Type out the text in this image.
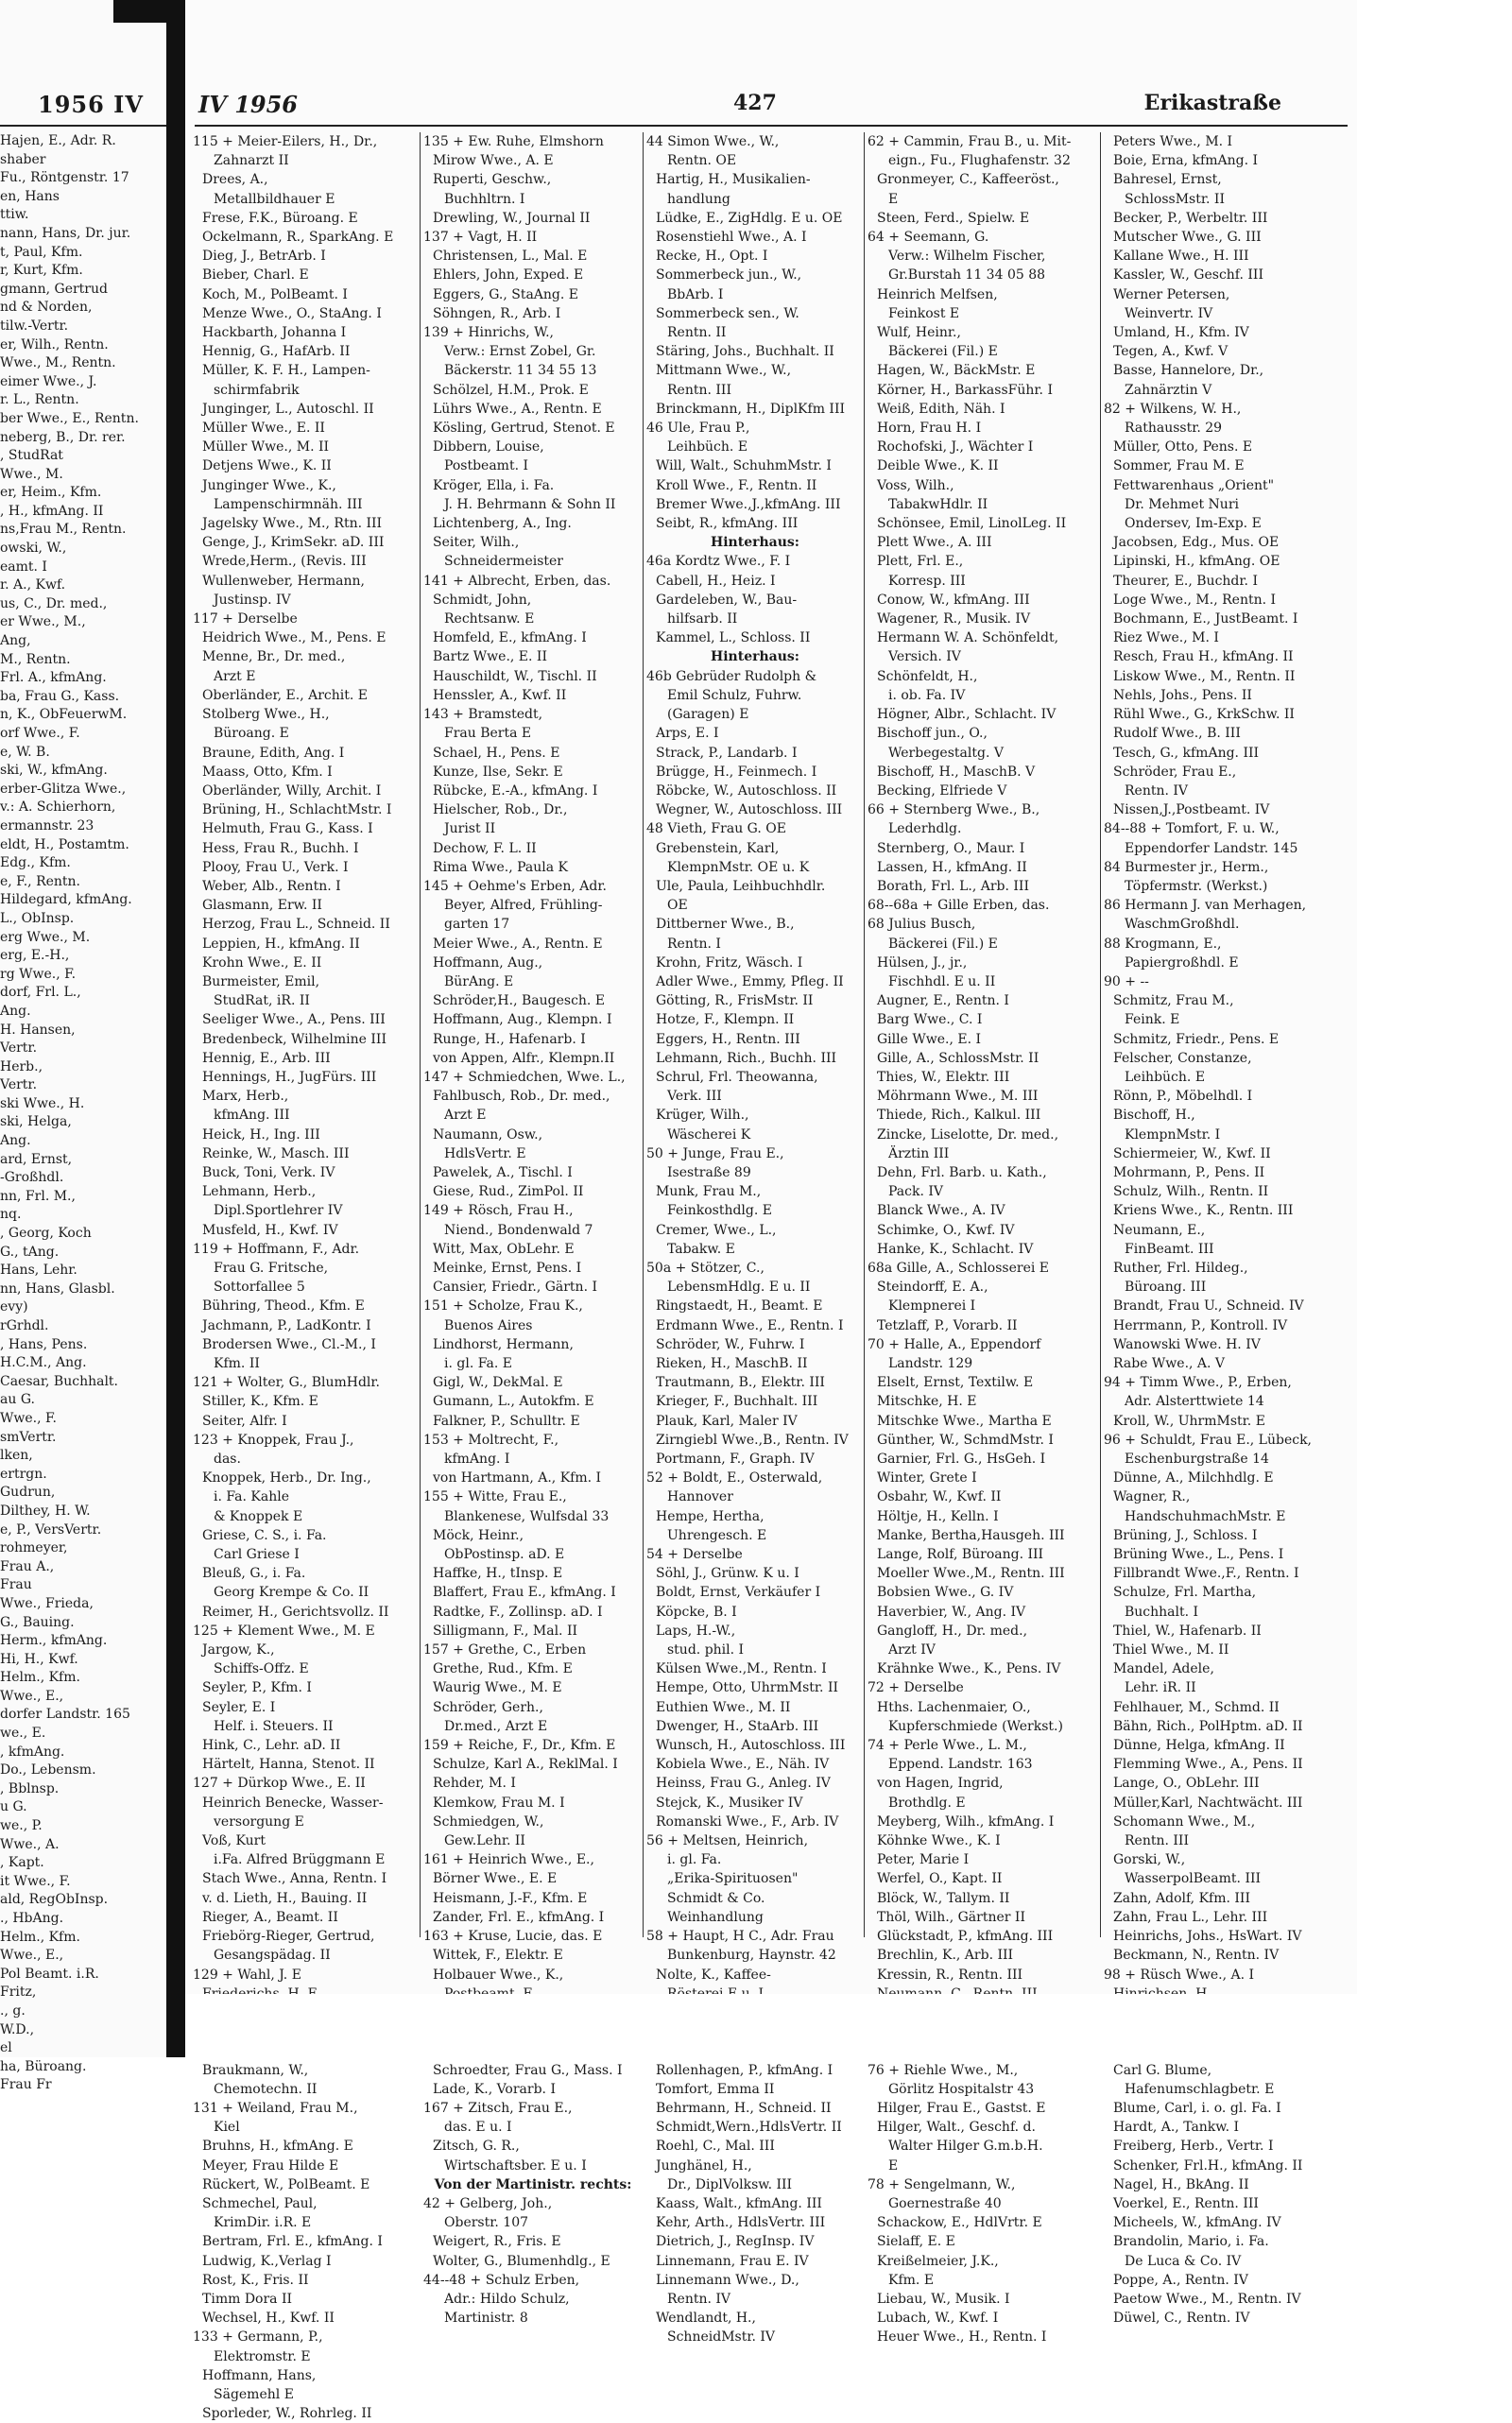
1956 IV
Hajen, E., Adr. R.
shaber
Fu., Röntgenstr. 17
en, Hans
ttiw.
nann, Hans, Dr. jur.
t, Paul, Kfm.
r, Kurt, Kfm.
gmann, Gertrud
nd & Norden,
tilw.-Vertr.
er, Wilh., Rentn.
Wwe., M., Rentn.
eimer Wwe., J.
r. L., Rentn.
ber Wwe., E., Rentn.
neberg, B., Dr. rer.
, StudRat
Wwe., M.
er, Heim., Kfm.
, H., kfmAng. II
ns,Frau M., Rentn.
owski, W.,
eamt. I
r. A., Kwf.
us, C., Dr. med.,
er Wwe., M.,
Ang,
M., Rentn.
Frl. A., kfmAng.
ba, Frau G., Kass.
n, K., ObFeuerwM.
orf Wwe., F.
e, W. B.
ski, W., kfmAng.
erber-Glitza Wwe.,
v.: A. Schierhorn,
ermannstr. 23
eldt, H., Postamtm.
Edg., Kfm.
e, F., Rentn.
Hildegard, kfmAng.
L., ObInsp.
erg Wwe., M.
erg, E.-H.,
rg Wwe., F.
dorf, Frl. L.,
Ang.
H. Hansen,
Vertr.
Herb.,
Vertr.
ski Wwe., H.
ski, Helga,
Ang.
ard, Ernst,
-Großhdl.
nn, Frl. M.,
nq.
, Georg, Koch
G., tAng.
Hans, Lehr.
nn, Hans, Glasbl.
evy)
rGrhdl.
, Hans, Pens.
H.C.M., Ang.
Caesar, Buchhalt.
au G.
Wwe., F.
smVertr.
lken,
ertrgn.
Gudrun,
Dilthey, H. W.
e, P., VersVertr.
rohmeyer,
Frau A.,
Frau
Wwe., Frieda,
G., Bauing.
Herm., kfmAng.
Hi, H., Kwf.
Helm., Kfm.
Wwe., E.,
dorfer Landstr. 165
we., E.
, kfmAng.
Do., Lebensm.
, Bblnsp.
u G.
we., P.
Wwe., A.
, Kapt.
it Wwe., F.
ald, RegObInsp.
., HbAng.
Helm., Kfm.
Wwe., E.,
Pol Beamt. i.R.
Fritz,
., g.
W.D.,
el
ha, Büroang.
Frau Fr
IV 1956	427	Erikastraße
115 + Meier-Eilers, H., Dr.,
Zahnarzt II
Drees, A.,
Metallbildhauer E
Frese, F.K., Büroang. E
Ockelmann, R., SparkAng. E
Dieg, J., BetrArb. I
Bieber, Charl. E
Koch, M., PolBeamt. I
Menze Wwe., O., StaAng. I
Hackbarth, Johanna I
Hennig, G., HafArb. II
Müller, K. F. H., Lampen-
schirmfabrik
Junginger, L., Autoschl. II
Müller Wwe., E. II
Müller Wwe., M. II
Detjens Wwe., K. II
Junginger Wwe., K.,
Lampenschirmnäh. III
Jagelsky Wwe., M., Rtn. III
Genge, J., KrimSekr. aD. III
Wrede,Herm., (Revis. III
Wullenweber, Hermann,
Justinsp. IV
117 + Derselbe
Heidrich Wwe., M., Pens. E
Menne, Br., Dr. med.,
Arzt E
Oberländer, E., Archit. E
Stolberg Wwe., H.,
Büroang. E
Braune, Edith, Ang. I
Maass, Otto, Kfm. I
Oberländer, Willy, Archit. I
Brüning, H., SchlachtMstr. I
Helmuth, Frau G., Kass. I
Hess, Frau R., Buchh. I
Plooy, Frau U., Verk. I
Weber, Alb., Rentn. I
Glasmann, Erw. II
Herzog, Frau L., Schneid. II
Leppien, H., kfmAng. II
Krohn Wwe., E. II
Burmeister, Emil,
StudRat, iR. II
Seeliger Wwe., A., Pens. III
Bredenbeck, Wilhelmine III
Hennig, E., Arb. III
Hennings, H., JugFürs. III
Marx, Herb.,
kfmAng. III
Heick, H., Ing. III
Reinke, W., Masch. III
Buck, Toni, Verk. IV
Lehmann, Herb.,
Dipl.Sportlehrer IV
Musfeld, H., Kwf. IV
119 + Hoffmann, F., Adr.
Frau G. Fritsche,
Sottorfallee 5
Bühring, Theod., Kfm. E
Jachmann, P., LadKontr. I
Brodersen Wwe., Cl.-M., I
Kfm. II
121 + Wolter, G., BlumHdlr.
Stiller, K., Kfm. E
Seiter, Alfr. I
123 + Knoppek, Frau J.,
das.
Knoppek, Herb., Dr. Ing.,
i. Fa. Kahle
& Knoppek E
Griese, C. S., i. Fa.
Carl Griese I
Bleuß, G., i. Fa.
Georg Krempe & Co. II
Reimer, H., Gerichtsvollz. II
125 + Klement Wwe., M. E
Jargow, K.,
Schiffs-Offz. E
Seyler, P., Kfm. I
Seyler, E. I
Helf. i. Steuers. II
Hink, C., Lehr. aD. II
Härtelt, Hanna, Stenot. II
127 + Dürkop Wwe., E. II
Heinrich Benecke, Wasser-
versorgung E
Voß, Kurt
i.Fa. Alfred Brüggmann E
Stach Wwe., Anna, Rentn. I
v. d. Lieth, H., Bauing. II
Rieger, A., Beamt. II
Friebörg-Rieger, Gertrud,
Gesangspädag. II
129 + Wahl, J. E
Braukmann, W.,
Chemotechn. II
131 + Weiland, Frau M.,
Kiel
Bruhns, H., kfmAng. E
Meyer, Frau Hilde E
Rückert, W., PolBeamt. E
Schmechel, Paul,
KrimDir. i.R. E
Bertram, Frl. E., kfmAng. I
Ludwig, K.,Verlag I
Rost, K., Fris. II
Timm Dora II
Wechsel, H., Kwf. II
133 + Germann, P.,
Elektromstr. E
Hoffmann, Hans,
Sägemehl E
Sporleder, W., Rohrleg. II
135 + Ew. Ruhe, Elmshorn
Mirow Wwe., A. E
Ruperti, Geschw.,
Buchhltrn. I
Drewling, W., Journal II
137 + Vagt, H. II
Christensen, L., Mal. E
Ehlers, John, Exped. E
Eggers, G., StaAng. E
Söhngen, R., Arb. I
139 + Hinrichs, W.,
Verw.: Ernst Zobel, Gr.
Bäckerstr. 11 34 55 13
Schölzel, H.M., Prok. E
Lührs Wwe., A., Rentn. E
Kösling, Gertrud, Stenot. E
Dibbern, Louise,
Postbeamt. I
Kröger, Ella, i. Fa.
J. H. Behrmann & Sohn II
Lichtenberg, A., Ing.
Seiter, Wilh.,
Schneidermeister
141 + Albrecht, Erben, das.
Schmidt, John,
Rechtsanw. E
Homfeld, E., kfmAng. I
Bartz Wwe., E. II
Hauschildt, W., Tischl. II
Henssler, A., Kwf. II
143 + Bramstedt,
Frau Berta E
Schael, H., Pens. E
Kunze, Ilse, Sekr. E
Rübcke, E.-A., kfmAng. I
Hielscher, Rob., Dr.,
Jurist II
Dechow, F. L. II
Rima Wwe., Paula K
145 + Oehme's Erben, Adr.
Beyer, Alfred, Frühling-
garten 17
Meier Wwe., A., Rentn. E
Hoffmann, Aug.,
BürAng. E
Schröder,H., Baugesch. E
Hoffmann, Aug., Klempn. I
Runge, H., Hafenarb. I
von Appen, Alfr., Klempn.II
147 + Schmiedchen, Wwe. L.,
Fahlbusch, Rob., Dr. med.,
Arzt E
Naumann, Osw.,
HdlsVertr. E
Pawelek, A., Tischl. I
Giese, Rud., ZimPol. II
149 + Rösch, Frau H.,
Niend., Bondenwald 7
Witt, Max, ObLehr. E
Meinke, Ernst, Pens. I
Cansier, Friedr., Gärtn. I
151 + Scholze, Frau K.,
Buenos Aires
Lindhorst, Hermann,
i. gl. Fa. E
Gigl, W., DekMal. E
Gumann, L., Autokfm. E
Falkner, P., Schulltr. E
153 + Moltrecht, F.,
kfmAng. I
von Hartmann, A., Kfm. I
155 + Witte, Frau E.,
Blankenese, Wulfsdal 33
Möck, Heinr.,
ObPostinsp. aD. E
Haffke, H., tInsp. E
Blaffert, Frau E., kfmAng. I
Radtke, F., Zollinsp. aD. I
Silligmann, F., Mal. II
157 + Grethe, C., Erben
Grethe, Rud., Kfm. E
Waurig Wwe., M. E
Schröder, Gerh.,
Dr.med., Arzt E
159 + Reiche, F., Dr., Kfm. E
Schulze, Karl A., ReklMal. I
Rehder, M. I
Klemkow, Frau M. I
Schmiedgen, W.,
Gew.Lehr. II
161 + Heinrich Wwe., E.,
Börner Wwe., E. E
Heismann, J.-F., Kfm. E
Zander, Frl. E., kfmAng. I
163 + Kruse, Lucie, das. E
Wittek, F., Elektr. E
Holbauer Wwe., K.,
Schroedter, Frau G., Mass. I
Lade, K., Vorarb. I
167 + Zitsch, Frau E.,
das. E u. I
Zitsch, G. R.,
Wirtschaftsber. E u. I
Von der Martinistr. rechts:
42 + Gelberg, Joh.,
Oberstr. 107
Weigert, R., Fris. E
Wolter, G., Blumenhdlg., E
44--48 + Schulz Erben,
Adr.: Hildo Schulz,
Martinistr. 8
44 Simon Wwe., W.,
Rentn. OE
Hartig, H., Musikalien-
handlung
Lüdke, E., ZigHdlg. E u. OE
Rosenstiehl Wwe., A. I
Recke, H., Opt. I
Sommerbeck jun., W.,
BbArb. I
Sommerbeck sen., W.
Rentn. II
Stäring, Johs., Buchhalt. II
Mittmann Wwe., W.,
Rentn. III
Brinckmann, H., DiplKfm III
46 Ule, Frau P.,
Leihbüch. E
Will, Walt., SchuhmMstr. I
Kroll Wwe., F., Rentn. II
Bremer Wwe.,J.,kfmAng. III
Seibt, R., kfmAng. III
Hinterhaus:
46a Kordtz Wwe., F. I
Cabell, H., Heiz. I
Gardeleben, W., Bau-
hilfsarb. II
Kammel, L., Schloss. II
Hinterhaus:
46b Gebrüder Rudolph &
Emil Schulz, Fuhrw.
(Garagen) E
Arps, E. I
Strack, P., Landarb. I
Brügge, H., Feinmech. I
Röbcke, W., Autoschloss. II
Wegner, W., Autoschloss. III
48 Vieth, Frau G. OE
Grebenstein, Karl,
KlempnMstr. OE u. K
Ule, Paula, Leihbuchhdlr.
OE
Dittberner Wwe., B.,
Rentn. I
Krohn, Fritz, Wäsch. I
Adler Wwe., Emmy, Pfleg. II
Götting, R., FrisMstr. II
Hotze, F., Klempn. II
Eggers, H., Rentn. III
Lehmann, Rich., Buchh. III
Schrul, Frl. Theowanna,
Verk. III
Krüger, Wilh.,
Wäscherei K
50 + Junge, Frau E.,
Isestraße 89
Munk, Frau M.,
Feinkosthdlg. E
Cremer, Wwe., L.,
Tabakw. E
50a + Stötzer, C.,
LebensmHdlg. E u. II
Ringstaedt, H., Beamt. E
Erdmann Wwe., E., Rentn. I
Schröder, W., Fuhrw. I
Rieken, H., MaschB. II
Trautmann, B., Elektr. III
Krieger, F., Buchhalt. III
Plauk, Karl, Maler IV
Zirngiebl Wwe.,B., Rentn. IV
Portmann, F., Graph. IV
52 + Boldt, E., Osterwald,
Hannover
Hempe, Hertha,
Uhrengesch. E
54 + Derselbe
Söhl, J., Grünw. K u. I
Boldt, Ernst, Verkäufer I
Köpcke, B. I
Laps, H.-W.,
stud. phil. I
Külsen Wwe.,M., Rentn. I
Hempe, Otto, UhrmMstr. II
Euthien Wwe., M. II
Dwenger, H., StaArb. III
Wunsch, H., Autoschloss. III
Kobiela Wwe., E., Näh. IV
Heinss, Frau G., Anleg. IV
Stejck, K., Musiker IV
Romanski Wwe., F., Arb. IV
56 + Meltsen, Heinrich,
i. gl. Fa.
„Erika-Spirituosen"
Schmidt & Co.
Weinhandlung
58 + Haupt, H C., Adr. Frau
Bunkenburg, Haynstr. 42
Nolte, K., Kaffee-
Rollenhagen, P., kfmAng. I
Tomfort, Emma II
Behrmann, H., Schneid. II
Schmidt,Wern.,HdlsVertr. II
Roehl, C., Mal. III
Junghänel, H.,
Dr., DiplVolksw. III
Kaass, Walt., kfmAng. III
Kehr, Arth., HdlsVertr. III
Dietrich, J., RegInsp. IV
Linnemann, Frau E. IV
Linnemann Wwe., D.,
Rentn. IV
Wendlandt, H.,
SchneidMstr. IV
62 + Cammin, Frau B., u. Mit-
eign., Fu., Flughafenstr. 32
Gronmeyer, C., Kaffeeröst.,
E
Steen, Ferd., Spielw. E
64 + Seemann, G.
Verw.: Wilhelm Fischer,
Gr.Burstah 11 34 05 88
Heinrich Melfsen,
Feinkost E
Wulf, Heinr.,
Bäckerei (Fil.) E
Hagen, W., BäckMstr. E
Körner, H., BarkassFühr. I
Weiß, Edith, Näh. I
Horn, Frau H. I
Rochofski, J., Wächter I
Deible Wwe., K. II
Voss, Wilh.,
TabakwHdlr. II
Schönsee, Emil, LinolLeg. II
Plett Wwe., A. III
Plett, Frl. E.,
Korresp. III
Conow, W., kfmAng. III
Wagener, R., Musik. IV
Hermann W. A. Schönfeldt,
Versich. IV
Schönfeldt, H.,
i. ob. Fa. IV
Högner, Albr., Schlacht. IV
Bischoff jun., O.,
Werbegestaltg. V
Bischoff, H., MaschB. V
Becking, Elfriede V
66 + Sternberg Wwe., B.,
Lederhdlg.
Sternberg, O., Maur. I
Lassen, H., kfmAng. II
Borath, Frl. L., Arb. III
68--68a + Gille Erben, das.
68 Julius Busch,
Bäckerei (Fil.) E
Hülsen, J., jr.,
Fischhdl. E u. II
Augner, E., Rentn. I
Barg Wwe., C. I
Gille Wwe., E. I
Gille, A., SchlossMstr. II
Thies, W., Elektr. III
Möhrmann Wwe., M. III
Thiede, Rich., Kalkul. III
Zincke, Liselotte, Dr. med.,
Ärztin III
Dehn, Frl. Barb. u. Kath.,
Pack. IV
Blanck Wwe., A. IV
Schimke, O., Kwf. IV
Hanke, K., Schlacht. IV
68a Gille, A., Schlosserei E
Steindorff, E. A.,
Klempnerei I
Tetzlaff, P., Vorarb. II
70 + Halle, A., Eppendorf
Landstr. 129
Elselt, Ernst, Textilw. E
Mitschke, H. E
Mitschke Wwe., Martha E
Günther, W., SchmdMstr. I
Garnier, Frl. G., HsGeh. I
Winter, Grete I
Osbahr, W., Kwf. II
Höltje, H., Kelln. I
Manke, Bertha,Hausgeh. III
Lange, Rolf, Büroang. III
Moeller Wwe.,M., Rentn. III
Bobsien Wwe., G. IV
Haverbier, W., Ang. IV
Gangloff, H., Dr. med.,
Arzt IV
Krähnke Wwe., K., Pens. IV
72 + Derselbe
Hths. Lachenmaier, O.,
Kupferschmiede (Werkst.)
74 + Perle Wwe., L. M.,
Eppend. Landstr. 163
von Hagen, Ingrid,
Brothdlg. E
Meyberg, Wilh., kfmAng. I
Köhnke Wwe., K. I
Peter, Marie I
Werfel, O., Kapt. II
Blöck, W., Tallym. II
Thöl, Wilh., Gärtner II
Glückstadt, P., kfmAng. III
Brechlin, K., Arb. III
Kressin, R., Rentn. III
76 + Riehle Wwe., M.,
Görlitz Hospitalstr 43
Hilger, Frau E., Gastst. E
Hilger, Walt., Geschf. d.
Walter Hilger G.m.b.H.
E
78 + Sengelmann, W.,
Goernestraße 40
Schackow, E., HdlVrtr. E
Sielaff, E. E
Kreißelmeier, J.K.,
Kfm. E
Liebau, W., Musik. I
Lubach, W., Kwf. I
Heuer Wwe., H., Rentn. I
Peters Wwe., M. I
Boie, Erna, kfmAng. I
Bahresel, Ernst,
SchlossMstr. II
Becker, P., Werbeltr. III
Mutscher Wwe., G. III
Kallane Wwe., H. III
Kassler, W., Geschf. III
Werner Petersen,
Weinvertr. IV
Umland, H., Kfm. IV
Tegen, A., Kwf. V
Basse, Hannelore, Dr.,
Zahnärztin V
82 + Wilkens, W. H.,
Rathausstr. 29
Müller, Otto, Pens. E
Sommer, Frau M. E
Fettwarenhaus „Orient"
Dr. Mehmet Nuri
Ondersev, Im-Exp. E
Jacobsen, Edg., Mus. OE
Lipinski, H., kfmAng. OE
Theurer, E., Buchdr. I
Loge Wwe., M., Rentn. I
Bochmann, E., JustBeamt. I
Riez Wwe., M. I
Resch, Frau H., kfmAng. II
Liskow Wwe., M., Rentn. II
Nehls, Johs., Pens. II
Rühl Wwe., G., KrkSchw. II
Rudolf Wwe., B. III
Tesch, G., kfmAng. III
Schröder, Frau E.,
Rentn. IV
Nissen,J.,Postbeamt. IV
84--88 + Tomfort, F. u. W.,
Eppendorfer Landstr. 145
84 Burmester jr., Herm.,
Töpfermstr. (Werkst.)
86 Hermann J. van Merhagen,
WaschmGroßhdl.
88 Krogmann, E.,
Papiergroßhdl. E
90 + --
Schmitz, Frau M.,
Feink. E
Schmitz, Friedr., Pens. E
Felscher, Constanze,
Leihbüch. E
Rönn, P., Möbelhdl. I
Bischoff, H.,
KlempnMstr. I
Schiermeier, W., Kwf. II
Mohrmann, P., Pens. II
Schulz, Wilh., Rentn. II
Kriens Wwe., K., Rentn. III
Neumann, E.,
FinBeamt. III
Ruther, Frl. Hildeg.,
Büroang. III
Brandt, Frau U., Schneid. IV
Herrmann, P., Kontroll. IV
Wanowski Wwe. H. IV
Rabe Wwe., A. V
94 + Timm Wwe., P., Erben,
Adr. Alsterttwiete 14
Kroll, W., UhrmMstr. E
96 + Schuldt, Frau E., Lübeck,
Eschenburgstraße 14
Dünne, A., Milchhdlg. E
Wagner, R.,
HandschuhmachMstr. E
Brüning, J., Schloss. I
Brüning Wwe., L., Pens. I
Fillbrandt Wwe.,F., Rentn. I
Schulze, Frl. Martha,
Buchhalt. I
Thiel, W., Hafenarb. II
Thiel Wwe., M. II
Mandel, Adele,
Lehr. iR. II
Fehlhauer, M., Schmd. II
Bähn, Rich., PolHptm. aD. II
Dünne, Helga, kfmAng. II
Flemming Wwe., A., Pens. II
Lange, O., ObLehr. III
Müller,Karl, Nachtwächt. III
Schomann Wwe., M.,
Rentn. III
Gorski, W.,
WasserpolBeamt. III
Zahn, Adolf, Kfm. III
Zahn, Frau L., Lehr. III
Heinrichs, Johs., HsWart. IV
Beckmann, N., Rentn. IV
98 + Rüsch Wwe., A. I
Carl G. Blume,
Hafenumschlagbetr. E
Blume, Carl, i. o. gl. Fa. I
Hardt, A., Tankw. I
Freiberg, Herb., Vertr. I
Schenker, Frl.H., kfmAng. II
Nagel, H., BkAng. II
Voerkel, E., Rentn. III
Micheels, W., kfmAng. IV
Brandolin, Mario, i. Fa.
De Luca & Co. IV
Poppe, A., Rentn. IV
Paetow Wwe., M., Rentn. IV
Düwel, C., Rentn. IV
